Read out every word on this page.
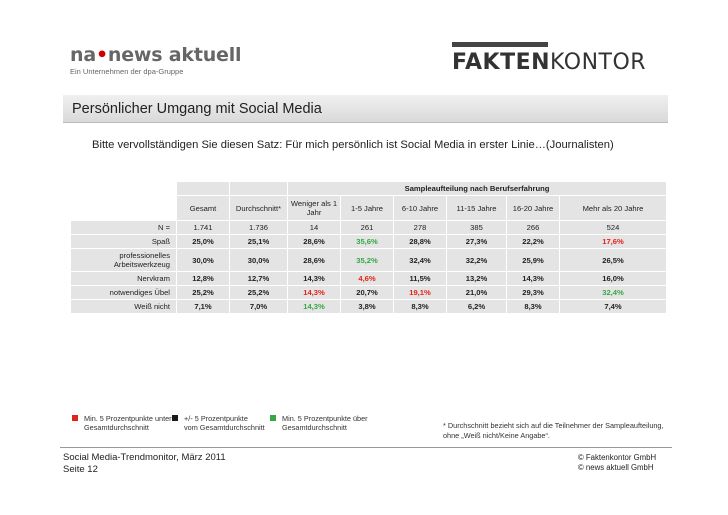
na•news aktuell
Ein Unternehmen der dpa-Gruppe	FAKTENKONTOR
Persönlicher Umgang mit Social Media
Bitte vervollständigen Sie diesen Satz: Für mich persönlich ist Social Media in erster Linie…(Journalisten)
			Sampleaufteilung nach Berufserfahrung					
	Gesamt	Durchschnitt*	Weniger als 1 Jahr	1-5 Jahre	6-10 Jahre	11-15 Jahre	16-20 Jahre	Mehr als 20 Jahre
N =	1.741	1.736	14	261	278	385	266	524
Spaß	25,0%	25,1%	28,6%	35,6%	28,8%	27,3%	22,2%	17,6%
professionelles Arbeitswerkzeug	30,0%	30,0%	28,6%	35,2%	32,4%	32,2%	25,9%	26,5%
Nervkram	12,8%	12,7%	14,3%	4,6%	11,5%	13,2%	14,3%	16,0%
notwendiges Übel	25,2%	25,2%	14,3%	20,7%	19,1%	21,0%	29,3%	32,4%
Weiß nicht	7,1%	7,0%	14,3%	3,8%	8,3%	6,2%	8,3%	7,4%
Min. 5 Prozentpunkte unter
Gesamtdurchschnitt
+/- 5 Prozentpunkte
vom Gesamtdurchschnitt
Min. 5 Prozentpunkte über
Gesamtdurchschnitt	* Durchschnitt bezieht sich auf die Teilnehmer der Sampleaufteilung,
ohne „Weiß nicht/Keine Angabe“.
Social Media-Trendmonitor, März 2011
Seite 12
© Faktenkontor GmbH
© news aktuell GmbH
